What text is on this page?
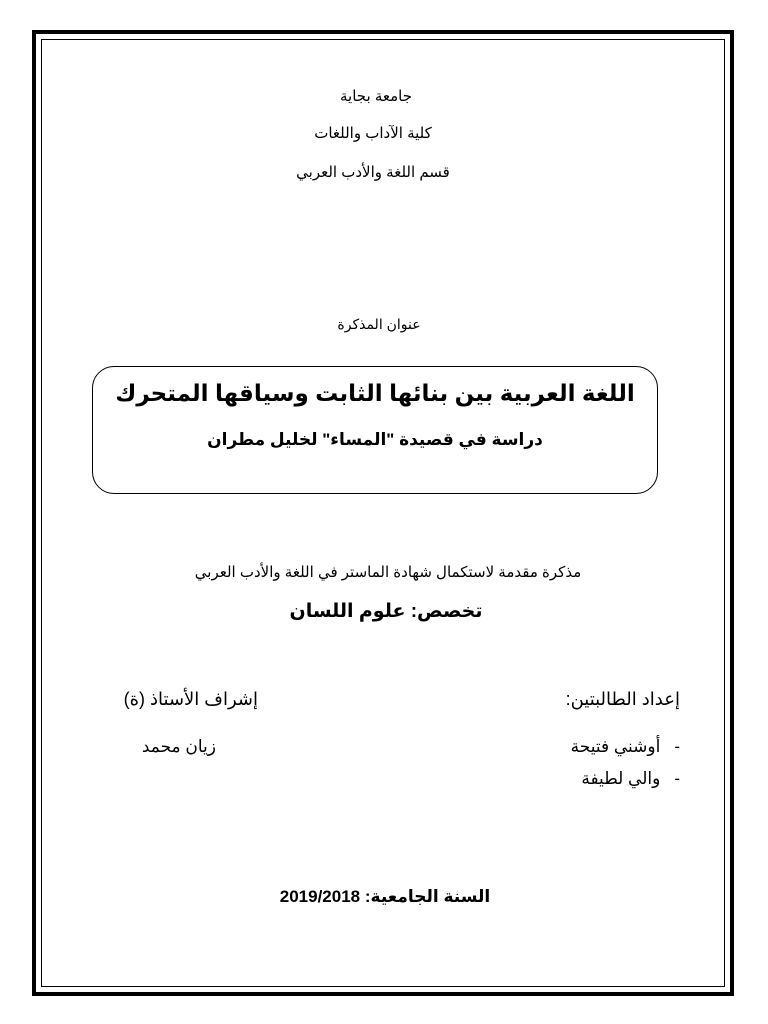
جامعة بجاية
كلية الآداب واللغات
قسم اللغة والأدب العربي
عنوان المذكرة
اللغة العربية بين بنائها الثابت وسياقها المتحرك
دراسة في قصيدة "المساء" لخليل مطران
مذكرة مقدمة لاستكمال شهادة الماستر في اللغة والأدب العربي
تخصص: علوم اللسان
إعداد الطالبتين:
إشراف الأستاذ (ة)
-أوشني فتيحة
-والي لطيفة
زيان محمد
السنة الجامعية: 2019/2018
